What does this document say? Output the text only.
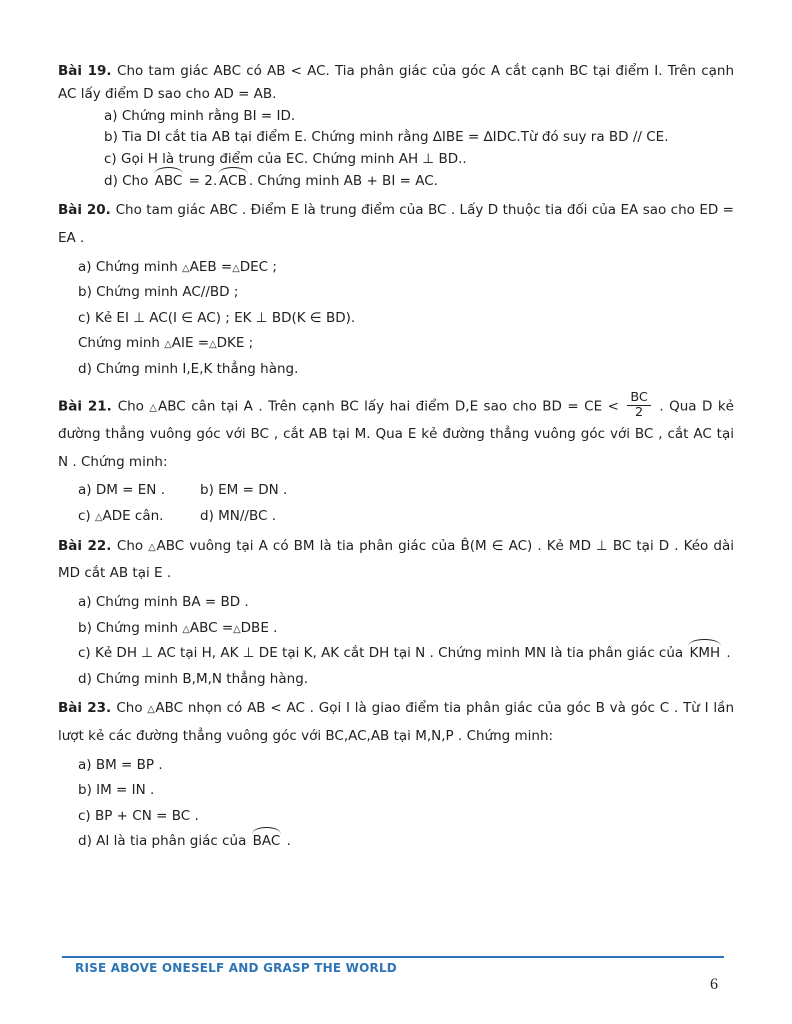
Bài 19. Cho tam giác ABC có AB < AC. Tia phân giác của góc A cắt cạnh BC tại điểm I. Trên cạnh AC lấy điểm D sao cho AD = AB.

a) Chứng minh rằng BI = ID.
b) Tia DI cắt tia AB tại điểm E. Chứng minh rằng ∆IBE = ∆IDC.Từ đó suy ra BD // CE.
c) Gọi H là trung điểm của EC. Chứng minh AH ⊥ BD..
d) Cho ABC = 2. ACB . Chứng minh AB + BI = AC.

Bài 20. Cho tam giác ABC . Điểm E là trung điểm của BC . Lấy D thuộc tia đối của EA sao cho ED = EA .

a) Chứng minh △AEB =△DEC ;
b) Chứng minh AC//BD ;
c) Kẻ EI ⊥ AC(I ∈ AC) ; EK ⊥ BD(K ∈ BD).
Chứng minh △AIE =△DKE ;
d) Chứng minh I,E,K thẳng hàng.

Bài 21. Cho △ABC cân tại A . Trên cạnh BC lấy hai điểm D,E sao cho BD = CE < $\frac{BC}{2}$ . Qua D kẻ đường thẳng vuông góc với BC , cắt AB tại M. Qua E kẻ đường thẳng vuông góc với BC , cắt AC tại N . Chứng minh:

a) DM = EN .	b) EM = DN .
c) △ADE cân.	d) MN//BC .

Bài 22. Cho △ABC vuông tại A có BM là tia phân giác của B̂(M ∈ AC) . Kẻ MD ⊥ BC tại D . Kéo dài MD cắt AB tại E .

a) Chứng minh BA = BD .
b) Chứng minh △ABC =△DBE .
c) Kẻ DH ⊥ AC tại H, AK ⊥ DE tại K, AK cắt DH tại N . Chứng minh MN là tia phân giác của KMH .
d) Chứng minh B,M,N thẳng hàng.

Bài 23. Cho △ABC nhọn có AB < AC . Gọi I là giao điểm tia phân giác của góc B và góc C . Từ I lần lượt kẻ các đường thẳng vuông góc với BC,AC,AB tại M,N,P . Chứng minh:

a) BM = BP .
b) IM = IN .
c) BP + CN = BC .
d) AI là tia phân giác của BAC .
RISE ABOVE ONESELF AND GRASP THE WORLD
6
